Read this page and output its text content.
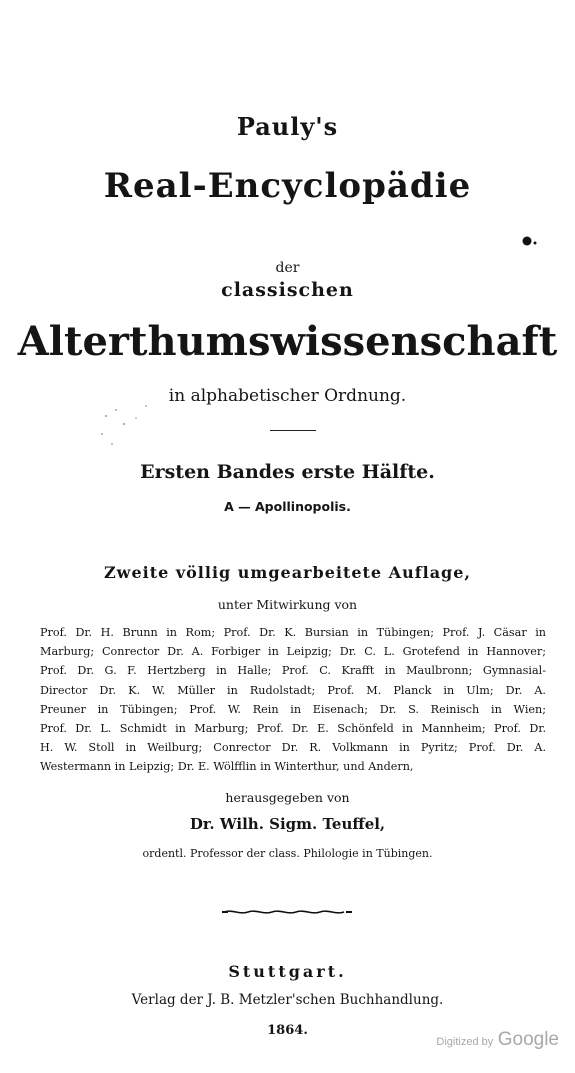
Pauly's
Real-Encyclopädie
der
classischen
Alterthumswissenschaft
in alphabetischer Ordnung.
Ersten Bandes erste Hälfte.
A — Apollinopolis.
Zweite völlig umgearbeitete Auflage,
unter Mitwirkung von

Prof. Dr. H. Brunn in Rom; Prof. Dr. K. Bursian in Tübingen; Prof. J. Cäsar in

Marburg; Conrector Dr. A. Forbiger in Leipzig; Dr. C. L. Grotefend in Hannover;

Prof. Dr. G. F. Hertzberg in Halle; Prof. C. Krafft in Maulbronn; Gymnasial-

Director Dr. K. W. Müller in Rudolstadt; Prof. M. Planck in Ulm; Dr. A.

Preuner in Tübingen; Prof. W. Rein in Eisenach; Dr. S. Reinisch in Wien;

Prof. Dr. L. Schmidt in Marburg; Prof. Dr. E. Schönfeld in Mannheim; Prof. Dr.

H. W. Stoll in Weilburg; Conrector Dr. R. Volkmann in Pyritz; Prof. Dr. A.

Westermann in Leipzig; Dr. E. Wölfflin in Winterthur, und Andern,

herausgegeben von
Dr. Wilh. Sigm. Teuffel,
ordentl. Professor der class. Philologie in Tübingen.
Stuttgart.
Verlag der J. B. Metzler'schen Buchhandlung.
1864.
Digitized by Google
